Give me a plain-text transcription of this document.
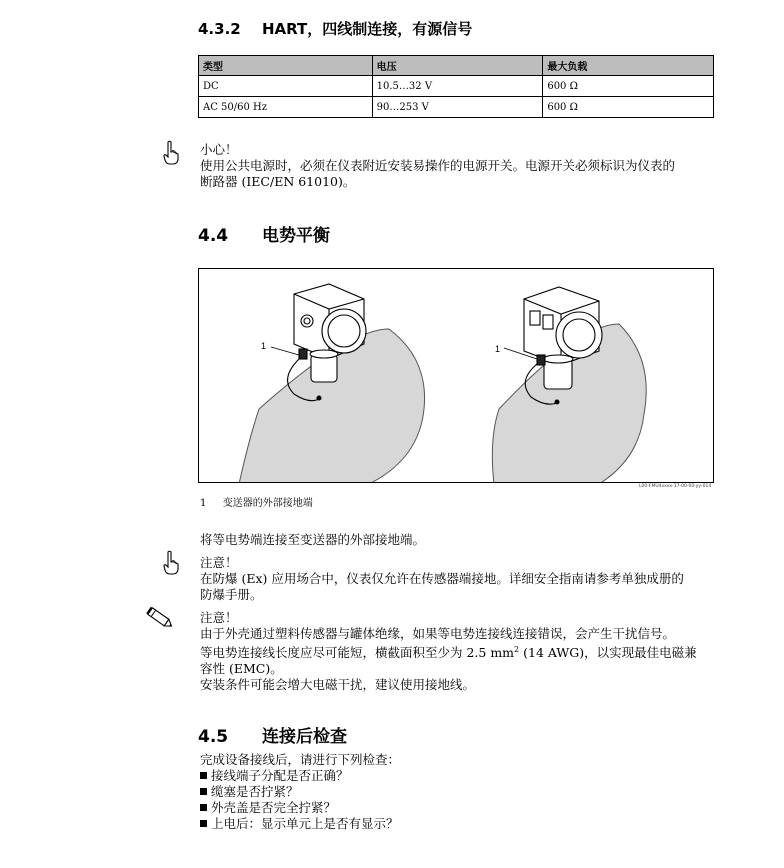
4.3.2 HART，四线制连接，有源信号
类型	电压	最大负载
DC	10.5…32 V	600 Ω
AC 50/60 Hz	90…253 V	600 Ω
小心！
使用公共电源时，必须在仪表附近安装易操作的电源开关。电源开关必须标识为仪表的
断路器 (IEC/EN 61010)。
4.4 电势平衡
1	1
L00-FMU4xxxx-17-00-00-yy-014
1 变送器的外部接地端
将等电势端连接至变送器的外部接地端。
注意！
在防爆 (Ex) 应用场合中，仪表仅允许在传感器端接地。详细安全指南请参考单独成册的
防爆手册。
注意！
由于外壳通过塑料传感器与罐体绝缘，如果等电势连接线连接错误，会产生干扰信号。
等电势连接线长度应尽可能短，横截面积至少为 2.5 $mm^2$ (14 AWG)，以实现最佳电磁兼
容性 (EMC)。
安装条件可能会增大电磁干扰，建议使用接地线。
4.5 连接后检查
完成设备接线后，请进行下列检查：
接线端子分配是否正确？
缆塞是否拧紧？
外壳盖是否完全拧紧？
上电后：显示单元上是否有显示？
